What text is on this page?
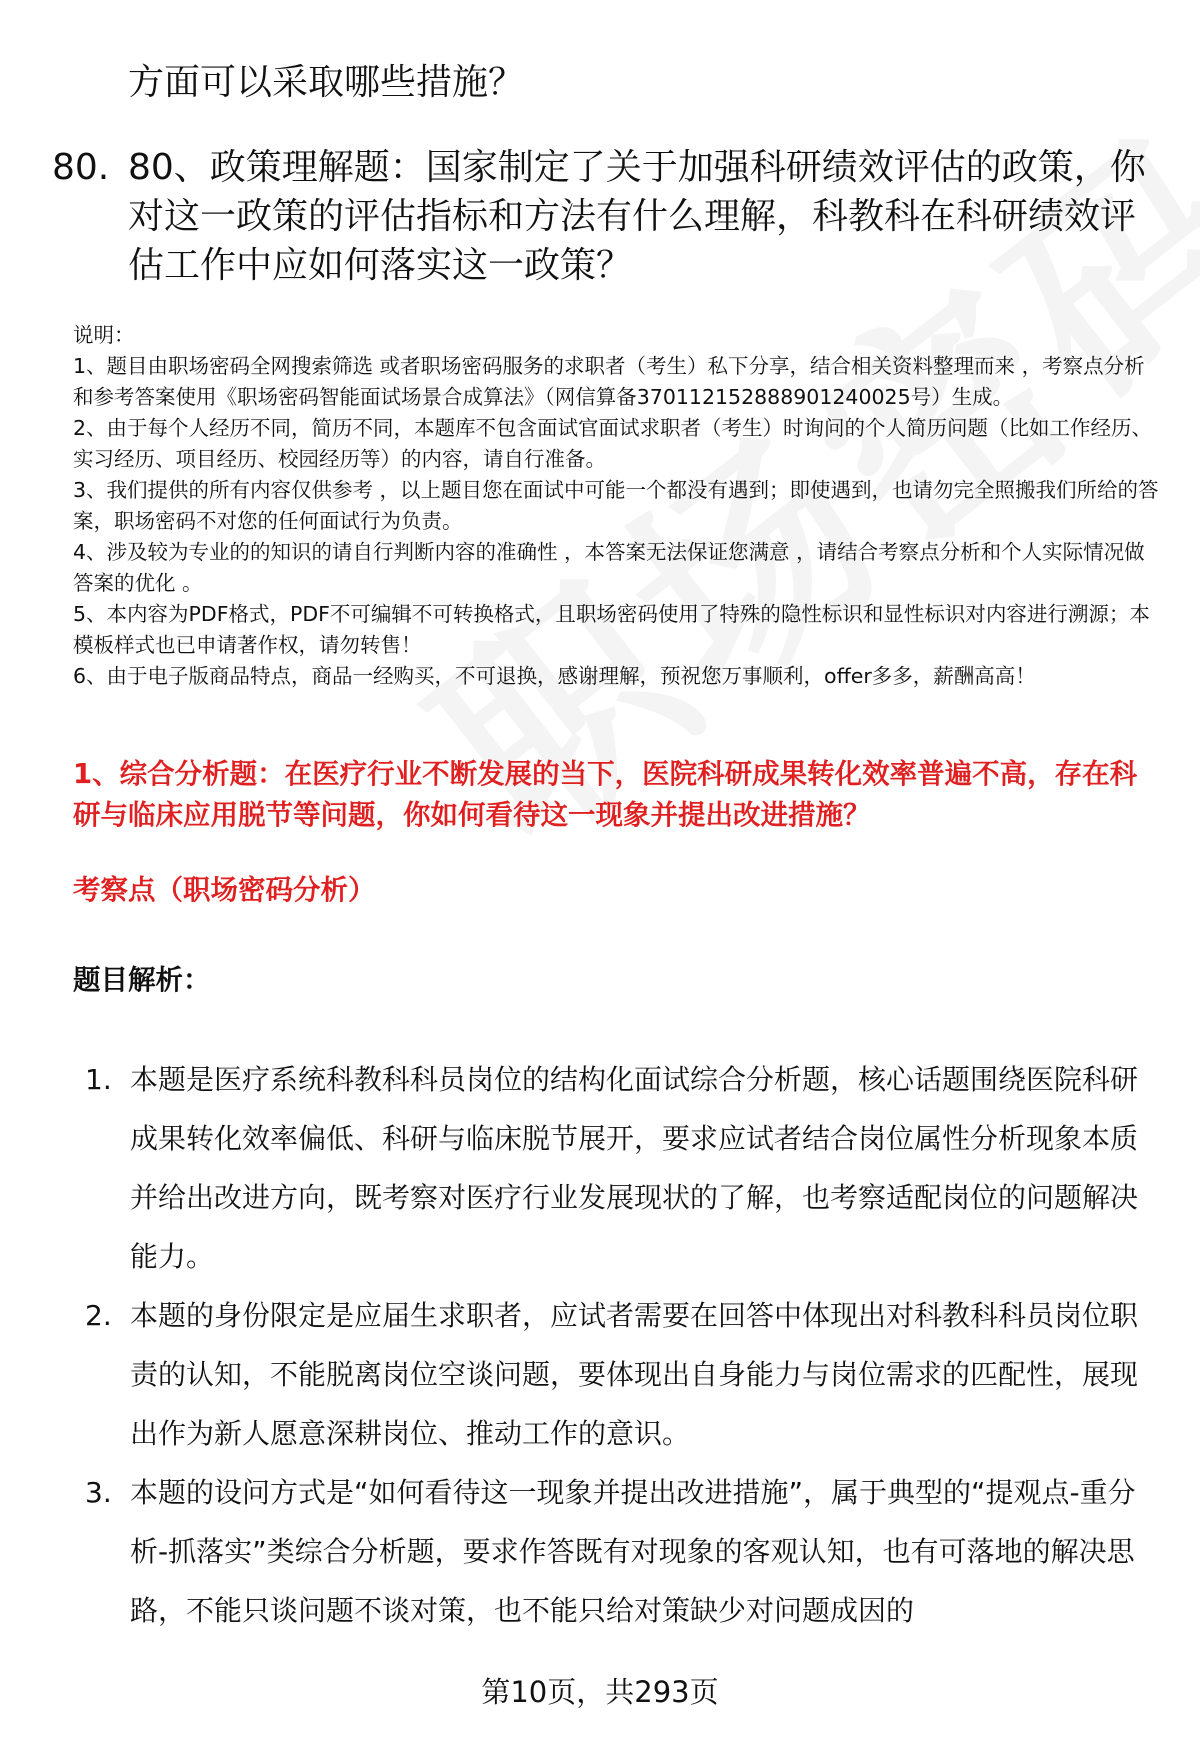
方面可以采取哪些措施？
80. 80、政策理解题：国家制定了关于加强科研绩效评估的政策，你对这一政策的评估指标和方法有什么理解，科教科在科研绩效评估工作中应如何落实这一政策？
说明：
1、题目由职场密码全网搜索筛选 或者职场密码服务的求职者（考生）私下分享，结合相关资料整理而来 ，考察点分析和参考答案使用《职场密码智能面试场景合成算法》（网信算备370112152888901240025号）生成。
2、由于每个人经历不同，简历不同，本题库不包含面试官面试求职者（考生）时询问的个人简历问题（比如工作经历、实习经历、项目经历、校园经历等）的内容，请自行准备。
3、我们提供的所有内容仅供参考 ，以上题目您在面试中可能一个都没有遇到；即使遇到，也请勿完全照搬我们所给的答案，职场密码不对您的任何面试行为负责。
4、涉及较为专业的的知识的请自行判断内容的准确性 ，本答案无法保证您满意 ，请结合考察点分析和个人实际情况做答案的优化 。
5、本内容为PDF格式，PDF不可编辑不可转换格式，且职场密码使用了特殊的隐性标识和显性标识对内容进行溯源；本模板样式也已申请著作权，请勿转售！
6、由于电子版商品特点，商品一经购买，不可退换，感谢理解，预祝您万事顺利，offer多多，薪酬高高！
1、综合分析题：在医疗行业不断发展的当下，医院科研成果转化效率普遍不高，存在科研与临床应用脱节等问题，你如何看待这一现象并提出改进措施？
考察点（职场密码分析）
题目解析：
1. 本题是医疗系统科教科科员岗位的结构化面试综合分析题，核心话题围绕医院科研成果转化效率偏低、科研与临床脱节展开，要求应试者结合岗位属性分析现象本质并给出改进方向，既考察对医疗行业发展现状的了解，也考察适配岗位的问题解决能力。
2. 本题的身份限定是应届生求职者，应试者需要在回答中体现出对科教科科员岗位职责的认知，不能脱离岗位空谈问题，要体现出自身能力与岗位需求的匹配性，展现出作为新人愿意深耕岗位、推动工作的意识。
3. 本题的设问方式是“如何看待这一现象并提出改进措施”，属于典型的“提观点-重分析-抓落实”类综合分析题，要求作答既有对现象的客观认知，也有可落地的解决思路，不能只谈问题不谈对策，也不能只给对策缺少对问题成因的
第10页，共293页
